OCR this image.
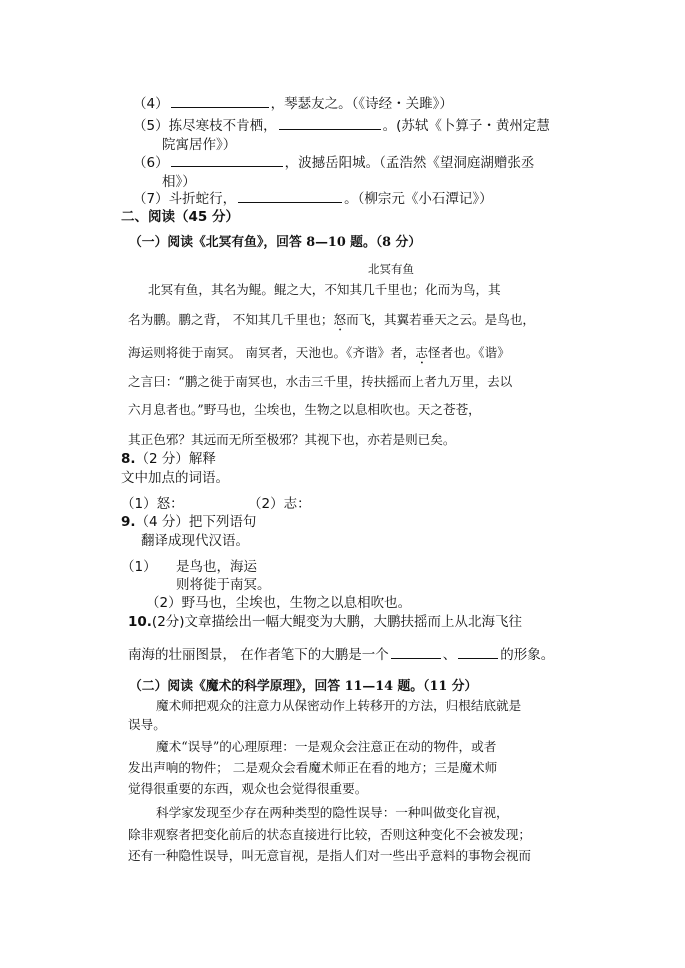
（4）	，琴瑟友之。（《诗经・关雎》）
（5）拣尽寒枝不肯栖，	。(苏轼《卜算子・黄州定慧
院寓居作》）
（6）	，波撼岳阳城。（孟浩然《望洞庭湖赠张丞
相》）
（7）斗折蛇行，	。（柳宗元《小石潭记》）
二、阅读（45 分）
（一）阅读《北冥有鱼》，回答 8—10 题。（8 分）
北冥有鱼
北冥有鱼，其名为鲲。鲲之大，不知其几千里也；化而为鸟，其
名为鹏。鹏之背， 不知其几千里也；怒而飞，其翼若垂天之云。是鸟也，
海运则将徙于南冥。 南冥者，天池也。《齐谐》者，志怪者也。《谐》
之言曰：“鹏之徙于南冥也，水击三千里，抟扶摇而上者九万里，去以
六月息者也。”野马也，尘埃也，生物之以息相吹也。天之苍苍，
其正色邪？其远而无所至极邪？其视下也，亦若是则已矣。
8.（2 分）解释
文中加点的词语。
（1）怒：	（2）志：
9.（4 分）把下列语句
翻译成现代汉语。
（1） 是鸟也，海运
则将徙于南冥。
（2）野马也，尘埃也，生物之以息相吹也。
10.(2分)文章描绘出一幅大鲲变为大鹏，大鹏扶摇而上从北海飞往
南海的壮丽图景， 在作者笔下的大鹏是一个	、	的形象。
（二）阅读《魔术的科学原理》，回答 11—14 题。（11 分）
魔术师把观众的注意力从保密动作上转移开的方法，归根结底就是
误导。
魔术“误导”的心理原理：一是观众会注意正在动的物件，或者
发出声响的物件； 二是观众会看魔术师正在看的地方；三是魔术师
觉得很重要的东西，观众也会觉得很重要。
科学家发现至少存在两种类型的隐性误导：一种叫做变化盲视，
除非观察者把变化前后的状态直接进行比较，否则这种变化不会被发现；
还有一种隐性误导，叫无意盲视，是指人们对一些出乎意料的事物会视而
